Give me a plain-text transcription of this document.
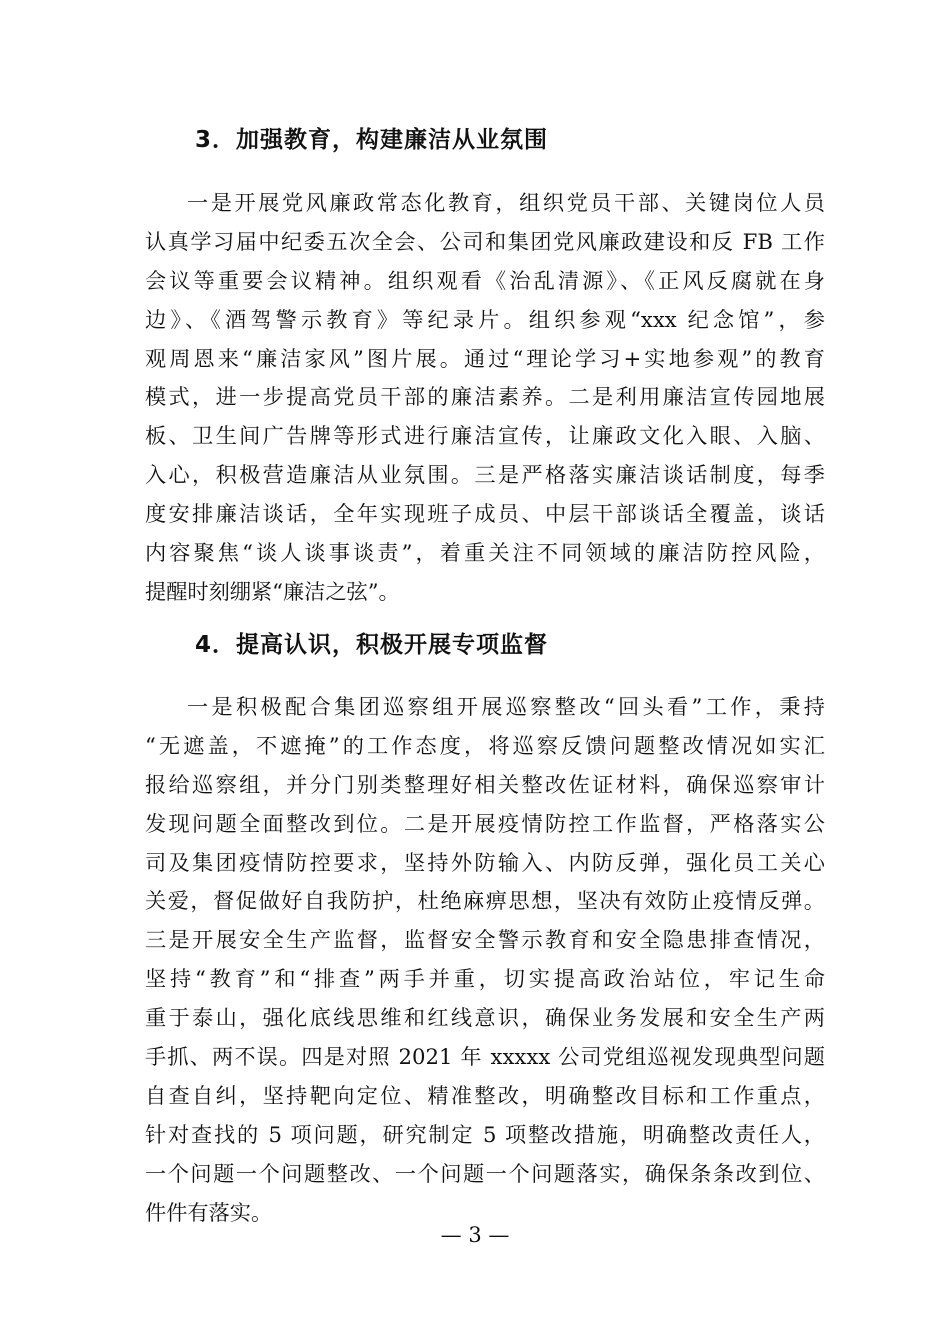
3．加强教育，构建廉洁从业氛围
一是开展党风廉政常态化教育，组织党员干部、关键岗位人员
认真学习届中纪委五次全会、公司和集团党风廉政建设和反 FB 工作
会议等重要会议精神。组织观看《治乱清源》、《正风反腐就在身
边》、《酒驾警示教育》等纪录片。组织参观“xxx 纪念馆”，参
观周恩来“廉洁家风”图片展。通过“理论学习+实地参观”的教育
模式，进一步提高党员干部的廉洁素养。二是利用廉洁宣传园地展
板、卫生间广告牌等形式进行廉洁宣传，让廉政文化入眼、入脑、
入心，积极营造廉洁从业氛围。三是严格落实廉洁谈话制度，每季
度安排廉洁谈话，全年实现班子成员、中层干部谈话全覆盖，谈话
内容聚焦“谈人谈事谈责”，着重关注不同领域的廉洁防控风险，
提醒时刻绷紧“廉洁之弦”。
4．提高认识，积极开展专项监督
一是积极配合集团巡察组开展巡察整改“回头看”工作，秉持
“无遮盖，不遮掩”的工作态度，将巡察反馈问题整改情况如实汇
报给巡察组，并分门别类整理好相关整改佐证材料，确保巡察审计
发现问题全面整改到位。二是开展疫情防控工作监督，严格落实公
司及集团疫情防控要求，坚持外防输入、内防反弹，强化员工关心
关爱，督促做好自我防护，杜绝麻痹思想，坚决有效防止疫情反弹。
三是开展安全生产监督，监督安全警示教育和安全隐患排查情况，
坚持“教育”和“排查”两手并重，切实提高政治站位，牢记生命
重于泰山，强化底线思维和红线意识，确保业务发展和安全生产两
手抓、两不误。四是对照 2021 年 xxxxx 公司党组巡视发现典型问题
自查自纠，坚持靶向定位、精准整改，明确整改目标和工作重点，
针对查找的 5 项问题，研究制定 5 项整改措施，明确整改责任人，
一个问题一个问题整改、一个问题一个问题落实，确保条条改到位、
件件有落实。
— 3 —
